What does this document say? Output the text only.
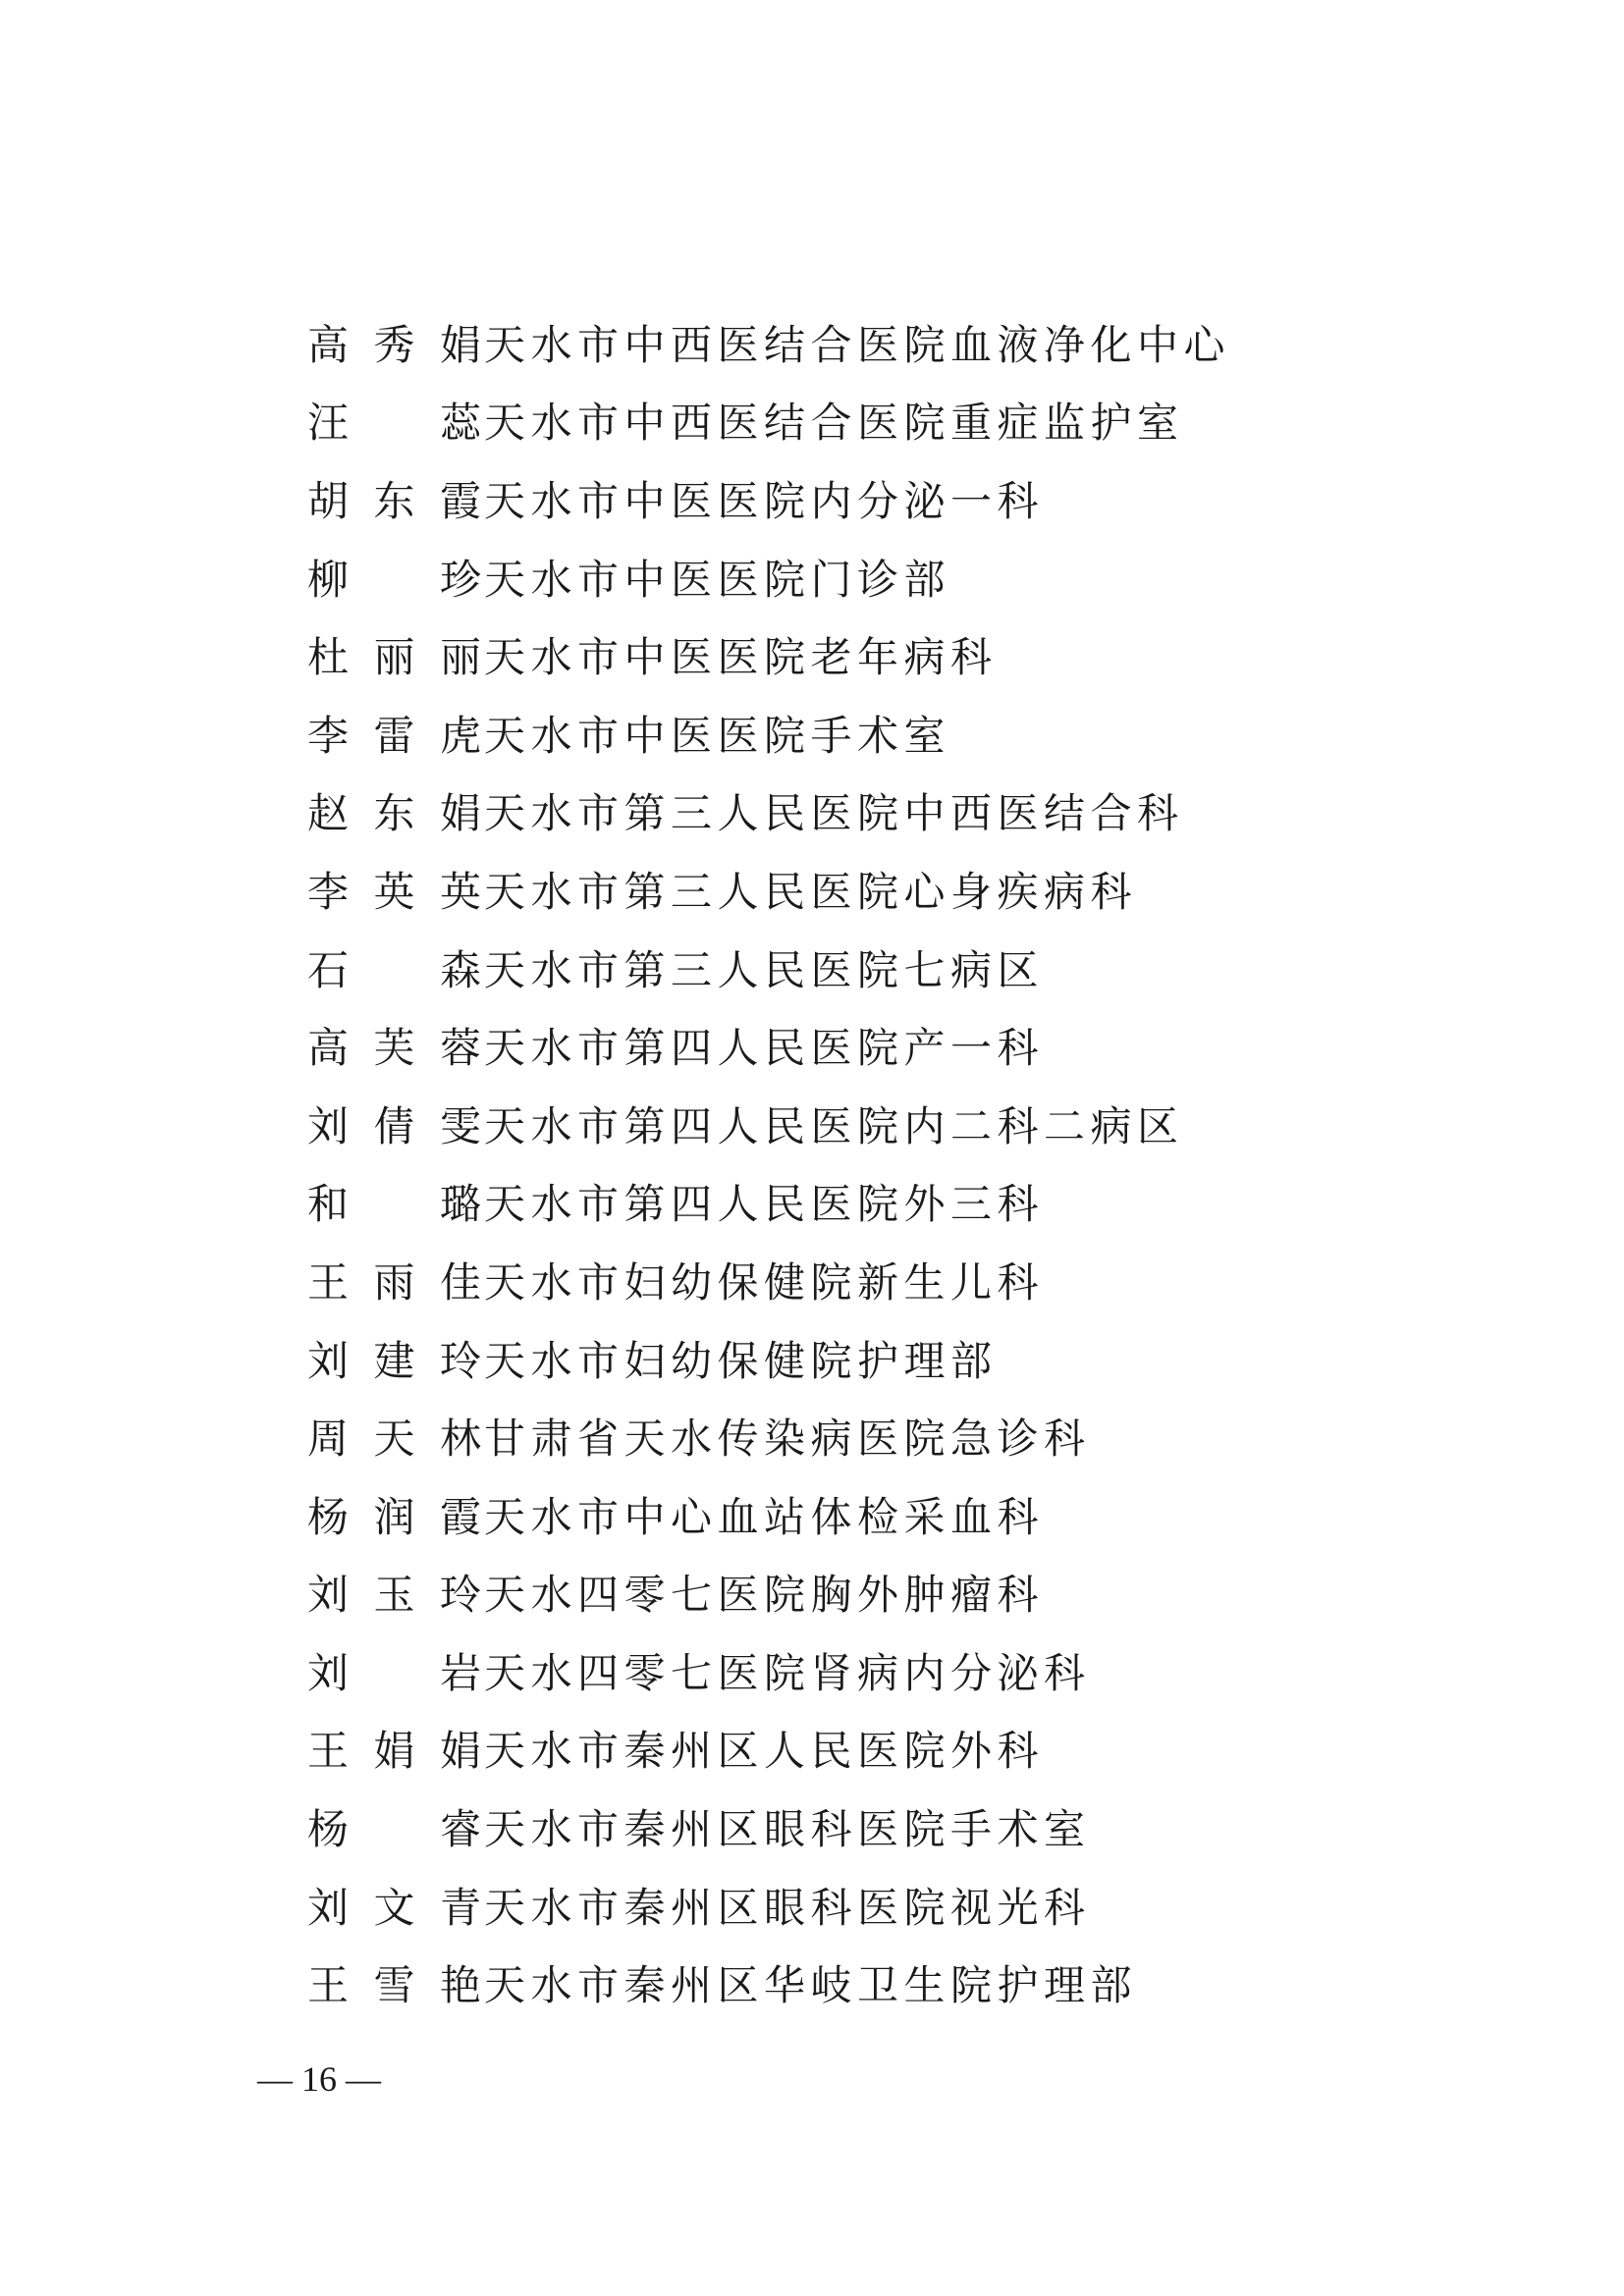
高秀娟 天水市中西医结合医院血液净化中心
汪　蕊 天水市中西医结合医院重症监护室
胡东霞 天水市中医医院内分泌一科
柳　珍 天水市中医医院门诊部
杜丽丽 天水市中医医院老年病科
李雷虎 天水市中医医院手术室
赵东娟 天水市第三人民医院中西医结合科
李英英 天水市第三人民医院心身疾病科
石　森 天水市第三人民医院七病区
高芙蓉 天水市第四人民医院产一科
刘倩雯 天水市第四人民医院内二科二病区
和　璐 天水市第四人民医院外三科
王雨佳 天水市妇幼保健院新生儿科
刘建玲 天水市妇幼保健院护理部
周天林 甘肃省天水传染病医院急诊科
杨润霞 天水市中心血站体检采血科
刘玉玲 天水四零七医院胸外肿瘤科
刘　岩 天水四零七医院肾病内分泌科
王娟娟 天水市秦州区人民医院外科
杨　睿 天水市秦州区眼科医院手术室
刘文青 天水市秦州区眼科医院视光科
王雪艳 天水市秦州区华岐卫生院护理部
— 16 —
